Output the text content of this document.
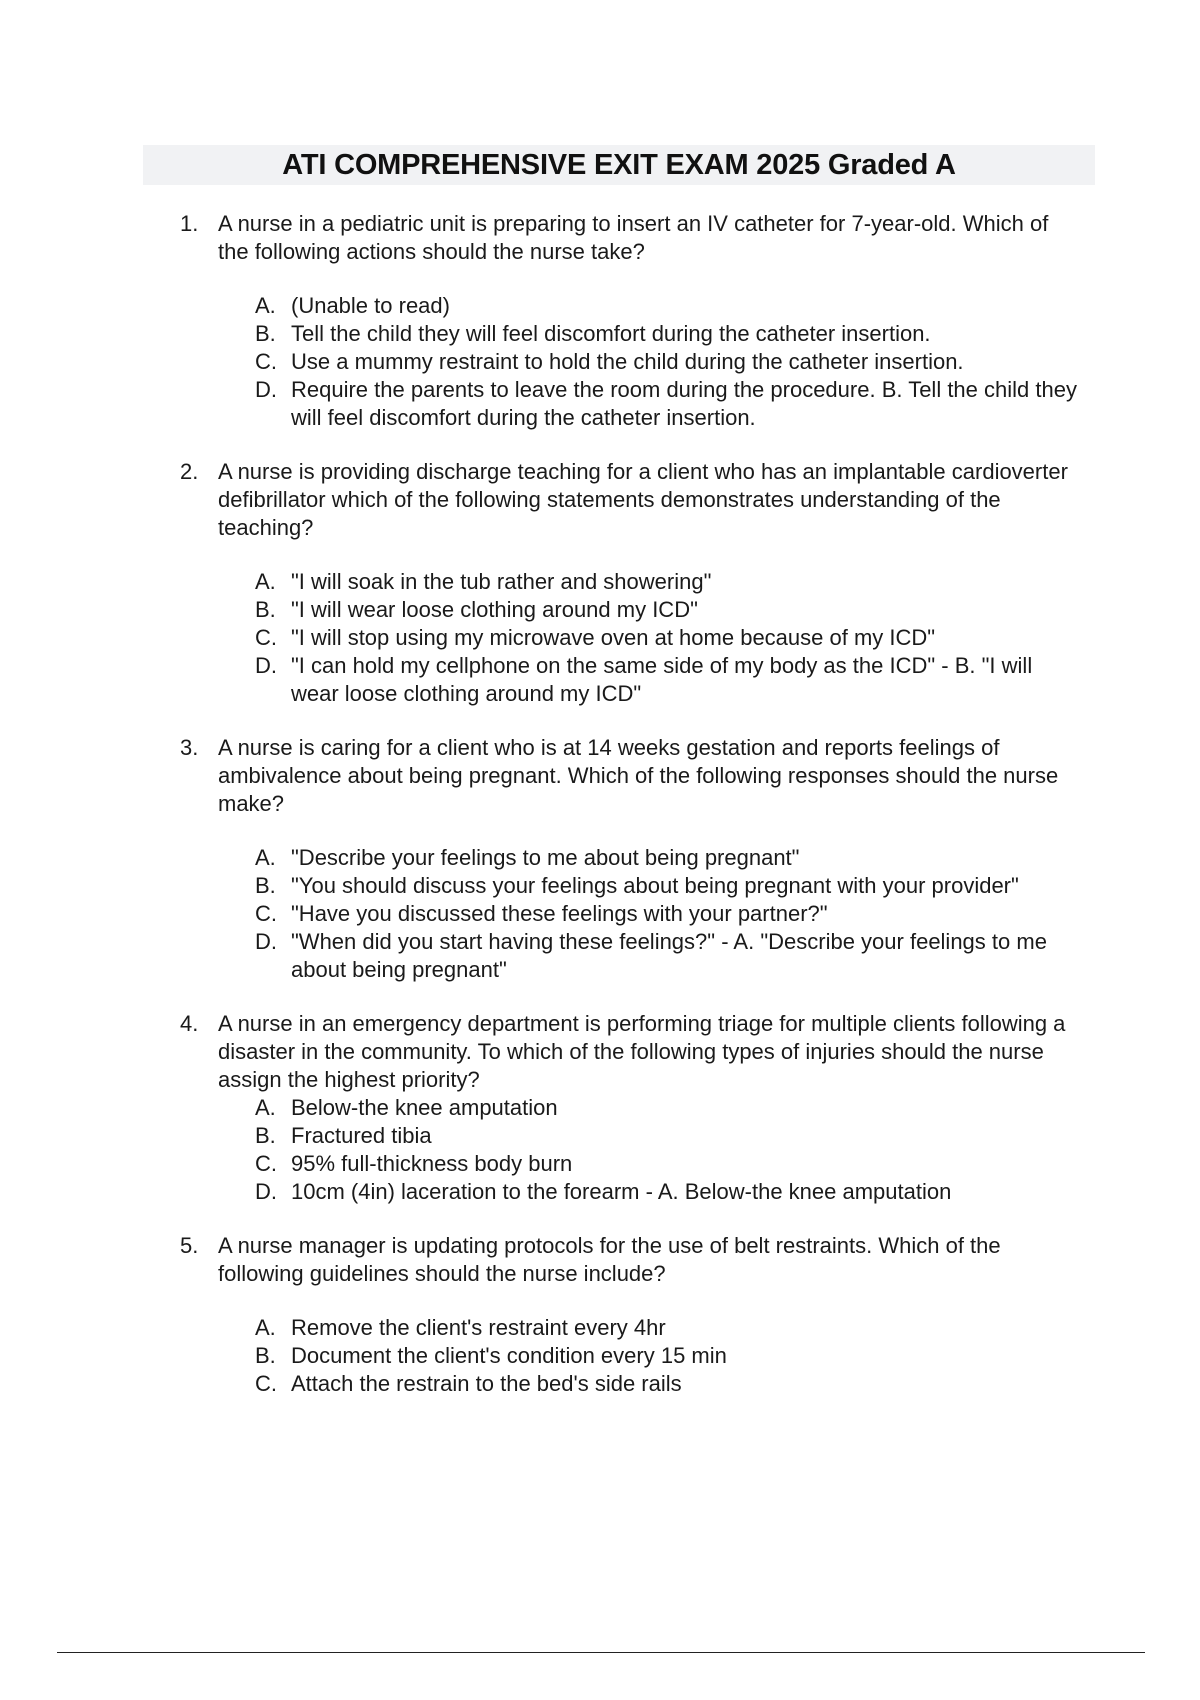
ATI COMPREHENSIVE EXIT EXAM 2025 Graded A
1. A nurse in a pediatric unit is preparing to insert an IV catheter for 7-year-old. Which of the following actions should the nurse take?

A. (Unable to read)
B. Tell the child they will feel discomfort during the catheter insertion.
C. Use a mummy restraint to hold the child during the catheter insertion.
D. Require the parents to leave the room during the procedure. B. Tell the child they will feel discomfort during the catheter insertion.
2. A nurse is providing discharge teaching for a client who has an implantable cardioverter defibrillator which of the following statements demonstrates understanding of the teaching?

A. "I will soak in the tub rather and showering"
B. "I will wear loose clothing around my ICD"
C. "I will stop using my microwave oven at home because of my ICD"
D. "I can hold my cellphone on the same side of my body as the ICD" - B. "I will wear loose clothing around my ICD"
3. A nurse is caring for a client who is at 14 weeks gestation and reports feelings of ambivalence about being pregnant. Which of the following responses should the nurse make?

A. "Describe your feelings to me about being pregnant"
B. "You should discuss your feelings about being pregnant with your provider"
C. "Have you discussed these feelings with your partner?"
D. "When did you start having these feelings?" - A. "Describe your feelings to me about being pregnant"
4. A nurse in an emergency department is performing triage for multiple clients following a disaster in the community. To which of the following types of injuries should the nurse assign the highest priority?

A. Below-the knee amputation
B. Fractured tibia
C. 95% full-thickness body burn
D. 10cm (4in) laceration to the forearm - A. Below-the knee amputation
5. A nurse manager is updating protocols for the use of belt restraints. Which of the following guidelines should the nurse include?

A. Remove the client's restraint every 4hr
B. Document the client's condition every 15 min
C. Attach the restrain to the bed's side rails
